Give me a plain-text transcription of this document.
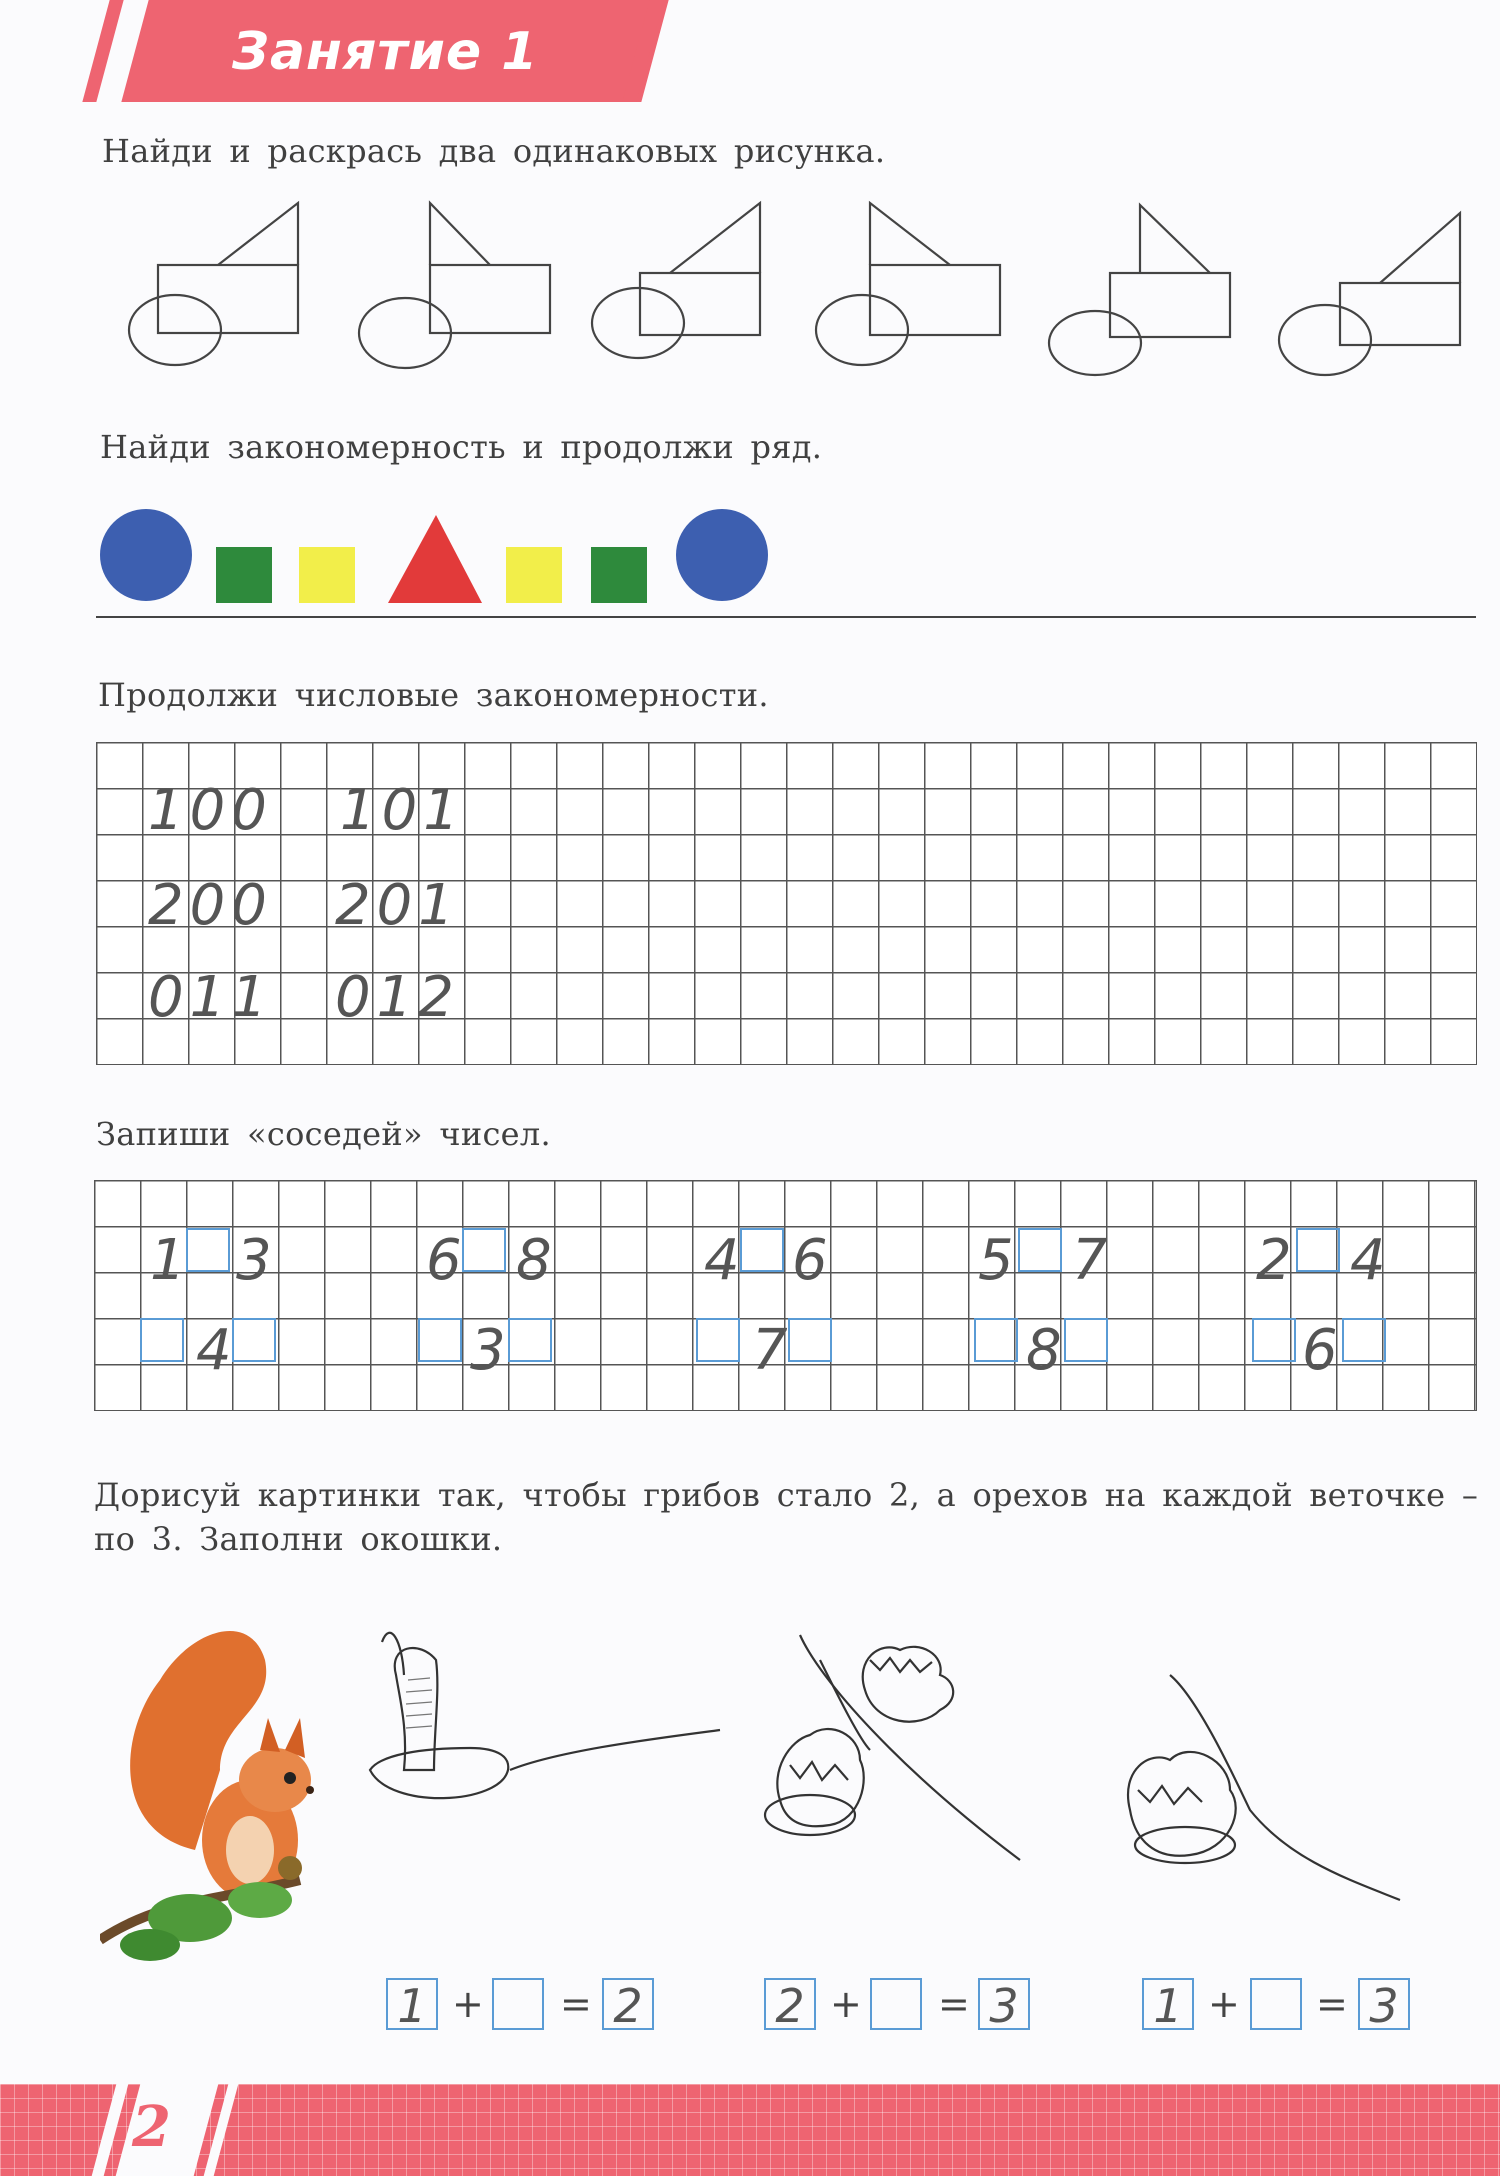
Занятие 1
Найди и раскрась два одинаковых рисунка.
Найди закономерность и продолжи ряд.
Продолжи числовые закономерности.
100 101
200 201
011 012
Запиши «соседей» чисел.
1 3
4
6 8
3
4 6
7
5 7
8
2 4
6
Дорисуй картинки так, чтобы грибов стало 2, а орехов на каждой веточке –
по 3. Заполни окошки.
1 + = 2	2 + = 3	1 + = 3
2
